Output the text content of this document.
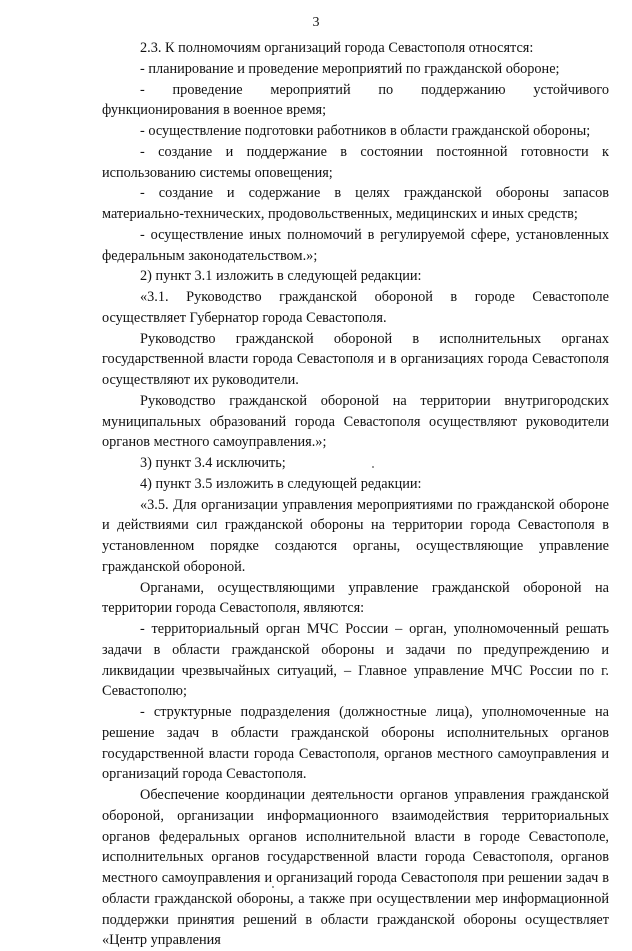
3

2.3. К полномочиям организаций города Севастополя относятся:

- планирование и проведение мероприятий по гражданской обороне;

- проведение мероприятий по поддержанию устойчивого функционирования в военное время;

- осуществление подготовки работников в области гражданской обороны;

- создание и поддержание в состоянии постоянной готовности к использованию системы оповещения;

- создание и содержание в целях гражданской обороны запасов материально-технических, продовольственных, медицинских и иных средств;

- осуществление иных полномочий в регулируемой сфере, установленных федеральным законодательством.»;

2) пункт 3.1 изложить в следующей редакции:

«3.1. Руководство гражданской обороной в городе Севастополе осуществляет Губернатор города Севастополя.

Руководство гражданской обороной в исполнительных органах государственной власти города Севастополя и в организациях города Севастополя осуществляют их руководители.

Руководство гражданской обороной на территории внутригородских муниципальных образований города Севастополя осуществляют руководители органов местного самоуправления.»;

3) пункт 3.4 исключить;

4) пункт 3.5 изложить в следующей редакции:

«3.5. Для организации управления мероприятиями по гражданской обороне и действиями сил гражданской обороны на территории города Севастополя в установленном порядке создаются органы, осуществляющие управление гражданской обороной.

Органами, осуществляющими управление гражданской обороной на территории города Севастополя, являются:

- территориальный орган МЧС России – орган, уполномоченный решать задачи в области гражданской обороны и задачи по предупреждению и ликвидации чрезвычайных ситуаций, – Главное управление МЧС России по г. Севастополю;

- структурные подразделения (должностные лица), уполномоченные на решение задач в области гражданской обороны исполнительных органов государственной власти города Севастополя, органов местного самоуправления и организаций города Севастополя.

Обеспечение координации деятельности органов управления гражданской обороной, организации информационного взаимодействия территориальных органов федеральных органов исполнительной власти в городе Севастополе, исполнительных органов государственной власти города Севастополя, органов местного самоуправления и организаций города Севастополя при решении задач в области гражданской обороны, а также при осуществлении мер информационной поддержки принятия решений в области гражданской обороны осуществляет «Центр управления
